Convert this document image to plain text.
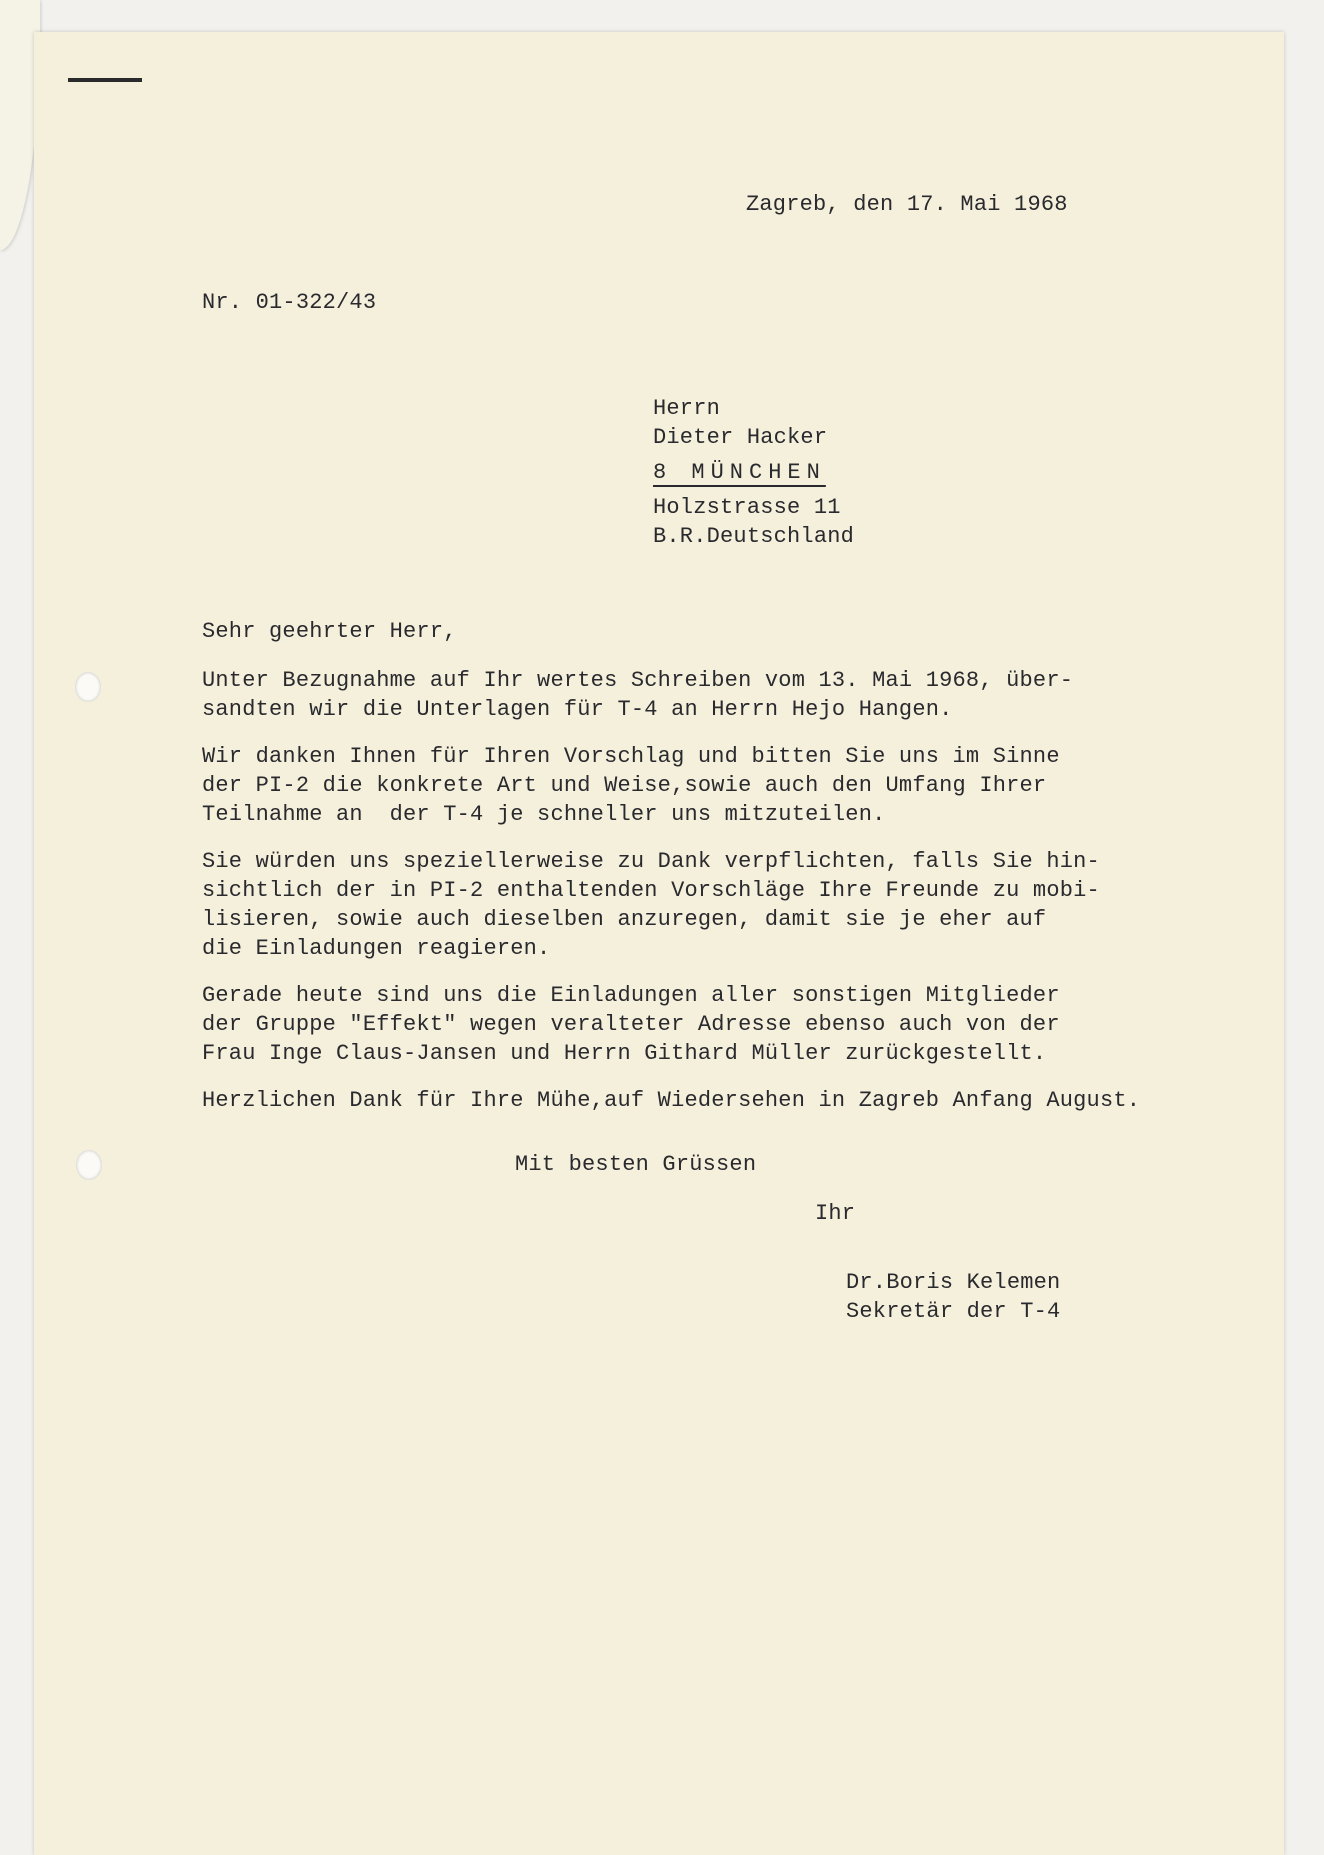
Zagreb, den 17. Mai 1968
Nr. 01-322/43
Herrn
Dieter Hacker
8 MÜNCHEN
Holzstrasse 11
B.R.Deutschland
Sehr geehrter Herr,
Unter Bezugnahme auf Ihr wertes Schreiben vom 13. Mai 1968, über-
sandten wir die Unterlagen für T-4 an Herrn Hejo Hangen.
Wir danken Ihnen für Ihren Vorschlag und bitten Sie uns im Sinne
der PI-2 die konkrete Art und Weise,sowie auch den Umfang Ihrer
Teilnahme an  der T-4 je schneller uns mitzuteilen.
Sie würden uns speziellerweise zu Dank verpflichten, falls Sie hin-
sichtlich der in PI-2 enthaltenden Vorschläge Ihre Freunde zu mobi-
lisieren, sowie auch dieselben anzuregen, damit sie je eher auf
die Einladungen reagieren.
Gerade heute sind uns die Einladungen aller sonstigen Mitglieder
der Gruppe "Effekt" wegen veralteter Adresse ebenso auch von der
Frau Inge Claus-Jansen und Herrn Githard Müller zurückgestellt.
Herzlichen Dank für Ihre Mühe,auf Wiedersehen in Zagreb Anfang August.
Mit besten Grüssen
Ihr
Dr.Boris Kelemen
Sekretär der T-4
